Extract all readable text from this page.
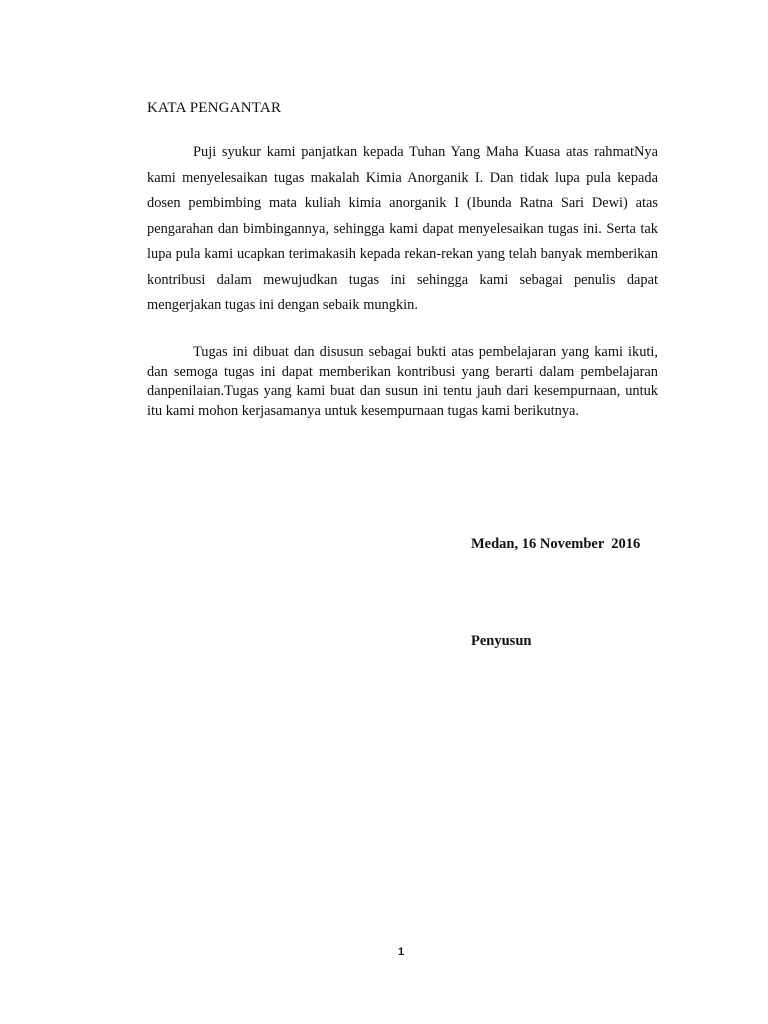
KATA PENGANTAR

Puji syukur kami panjatkan kepada Tuhan Yang Maha Kuasa atas rahmatNya kami menyelesaikan tugas makalah Kimia Anorganik I. Dan tidak lupa pula kepada dosen pembimbing mata kuliah kimia anorganik I (Ibunda Ratna Sari Dewi) atas pengarahan dan bimbingannya, sehingga kami dapat menyelesaikan tugas ini. Serta tak lupa pula kami ucapkan terimakasih kepada rekan-rekan yang telah banyak memberikan kontribusi dalam mewujudkan tugas ini sehingga kami sebagai penulis dapat mengerjakan tugas ini dengan sebaik mungkin.

Tugas ini dibuat dan disusun sebagai bukti atas pembelajaran yang kami ikuti, dan semoga tugas ini dapat memberikan kontribusi yang berarti dalam pembelajaran danpenilaian.Tugas yang kami buat dan susun ini tentu jauh dari kesempurnaan, untuk itu kami mohon kerjasamanya untuk kesempurnaan tugas kami berikutnya.

Medan, 16 November  2016
Penyusun
1
